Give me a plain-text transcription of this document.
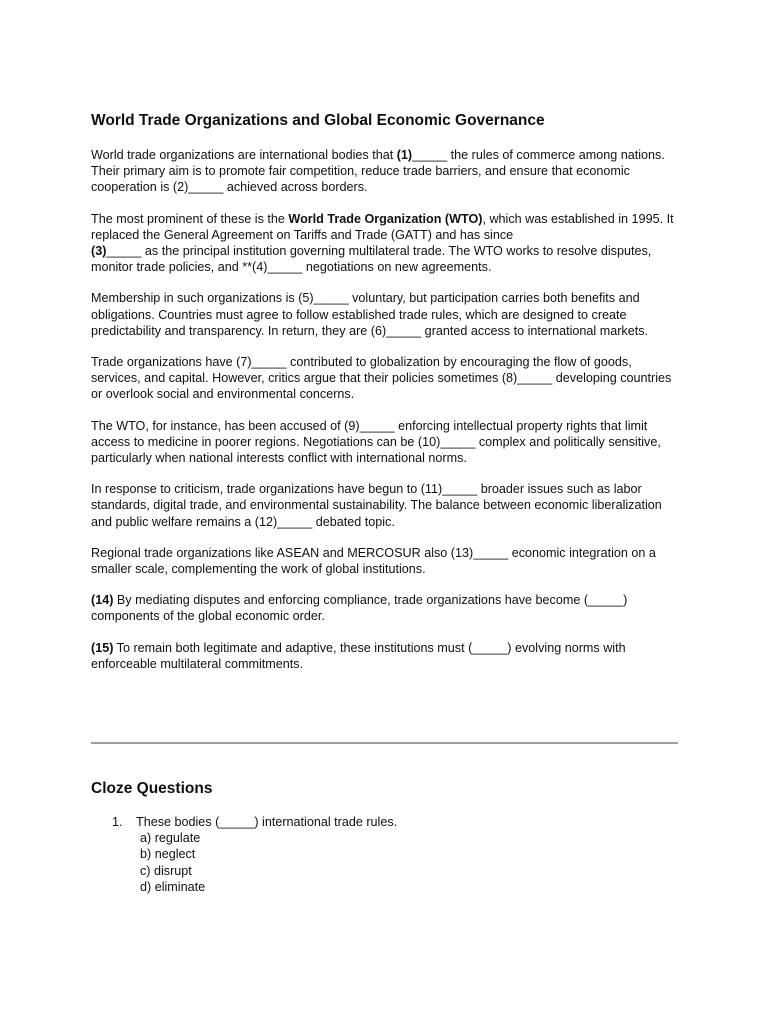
World Trade Organizations and Global Economic Governance

World trade organizations are international bodies that (1)_____ the rules of commerce among nations. Their primary aim is to promote fair competition, reduce trade barriers, and ensure that economic cooperation is (2)_____ achieved across borders.

The most prominent of these is the World Trade Organization (WTO), which was established in 1995. It replaced the General Agreement on Tariffs and Trade (GATT) and has since
(3)_____ as the principal institution governing multilateral trade. The WTO works to resolve disputes, monitor trade policies, and **(4)_____ negotiations on new agreements.

Membership in such organizations is (5)_____ voluntary, but participation carries both benefits and obligations. Countries must agree to follow established trade rules, which are designed to create predictability and transparency. In return, they are (6)_____ granted access to international markets.

Trade organizations have (7)_____ contributed to globalization by encouraging the flow of goods, services, and capital. However, critics argue that their policies sometimes (8)_____ developing countries or overlook social and environmental concerns.

The WTO, for instance, has been accused of (9)_____ enforcing intellectual property rights that limit access to medicine in poorer regions. Negotiations can be (10)_____ complex and politically sensitive, particularly when national interests conflict with international norms.

In response to criticism, trade organizations have begun to (11)_____ broader issues such as labor standards, digital trade, and environmental sustainability. The balance between economic liberalization and public welfare remains a (12)_____ debated topic.

Regional trade organizations like ASEAN and MERCOSUR also (13)_____ economic integration on a smaller scale, complementing the work of global institutions.

(14) By mediating disputes and enforcing compliance, trade organizations have become (_____) components of the global economic order.

(15) To remain both legitimate and adaptive, these institutions must (_____) evolving norms with enforceable multilateral commitments.

Cloze Questions
1. These bodies (_____) international trade rules.
a) regulate
b) neglect
c) disrupt
d) eliminate
